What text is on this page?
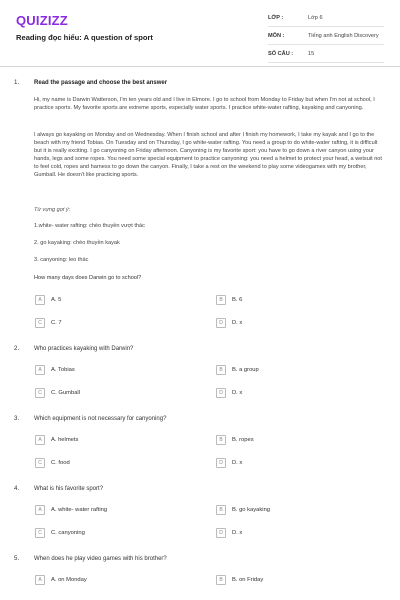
QUIZIZZ
Reading đọc hiểu: A question of sport
LỚP :	Lớp 6
MÔN :	Tiếng anh English Discovery
SỐ CÂU :	15
1. Read the passage and choose the best answer
Hi, my name is Darwin Watterson, I'm ten years old and I live in Elmore. I go to school from Monday to Friday but when I'm not at school, I practice sports. My favorite sports are extreme sports, especially water sports. I practice white-water rafting, kayaking and canyoning.
I always go kayaking on Monday and on Wednesday. When I finish school and after I finish my homework, I take my kayak and I go to the beach with my friend Tobias. On Tuesday and on Thursday, I go white-water rafting. You need a group to do white-water rafting, it is difficult but it is really exciting. I go canyoning on Friday afternoon. Canyoning is my favorite sport: you have to go down a river canyon using your hands, legs and some ropes. You need some special equipment to practice canyoning: you need a helmet to protect your head, a wetsuit not to feel cold, ropes and harness to go down the canyon. Finally, I take a rest on the weekend to play some videogames with my brother, Gumball. He doesn't like practicing sports.
Từ vựng gợi ý:
1.white- water rafting: chèo thuyền vượt thác
2. go kayaking: chèo thuyền kayak
3. canyoning: leo thác
How many days does Darwin go to school?
A	A. 5	B	B. 6
C	C. 7	D	D. x
2. Who practices kayaking with Darwin?
A	A. Tobias	B	B. a group
C	C. Gumball	D	D. x
3. Which equipment is not necessary for canyoning?
A	A. helmets	B	B. ropes
C	C. food	D	D. x
4. What is his favorite sport?
A	A. white- water rafting	B	B. go kayaking
C	C. canyoning	D	D. x
5. When does he play video games with his brother?
A	A. on Monday	B	B. on Friday
